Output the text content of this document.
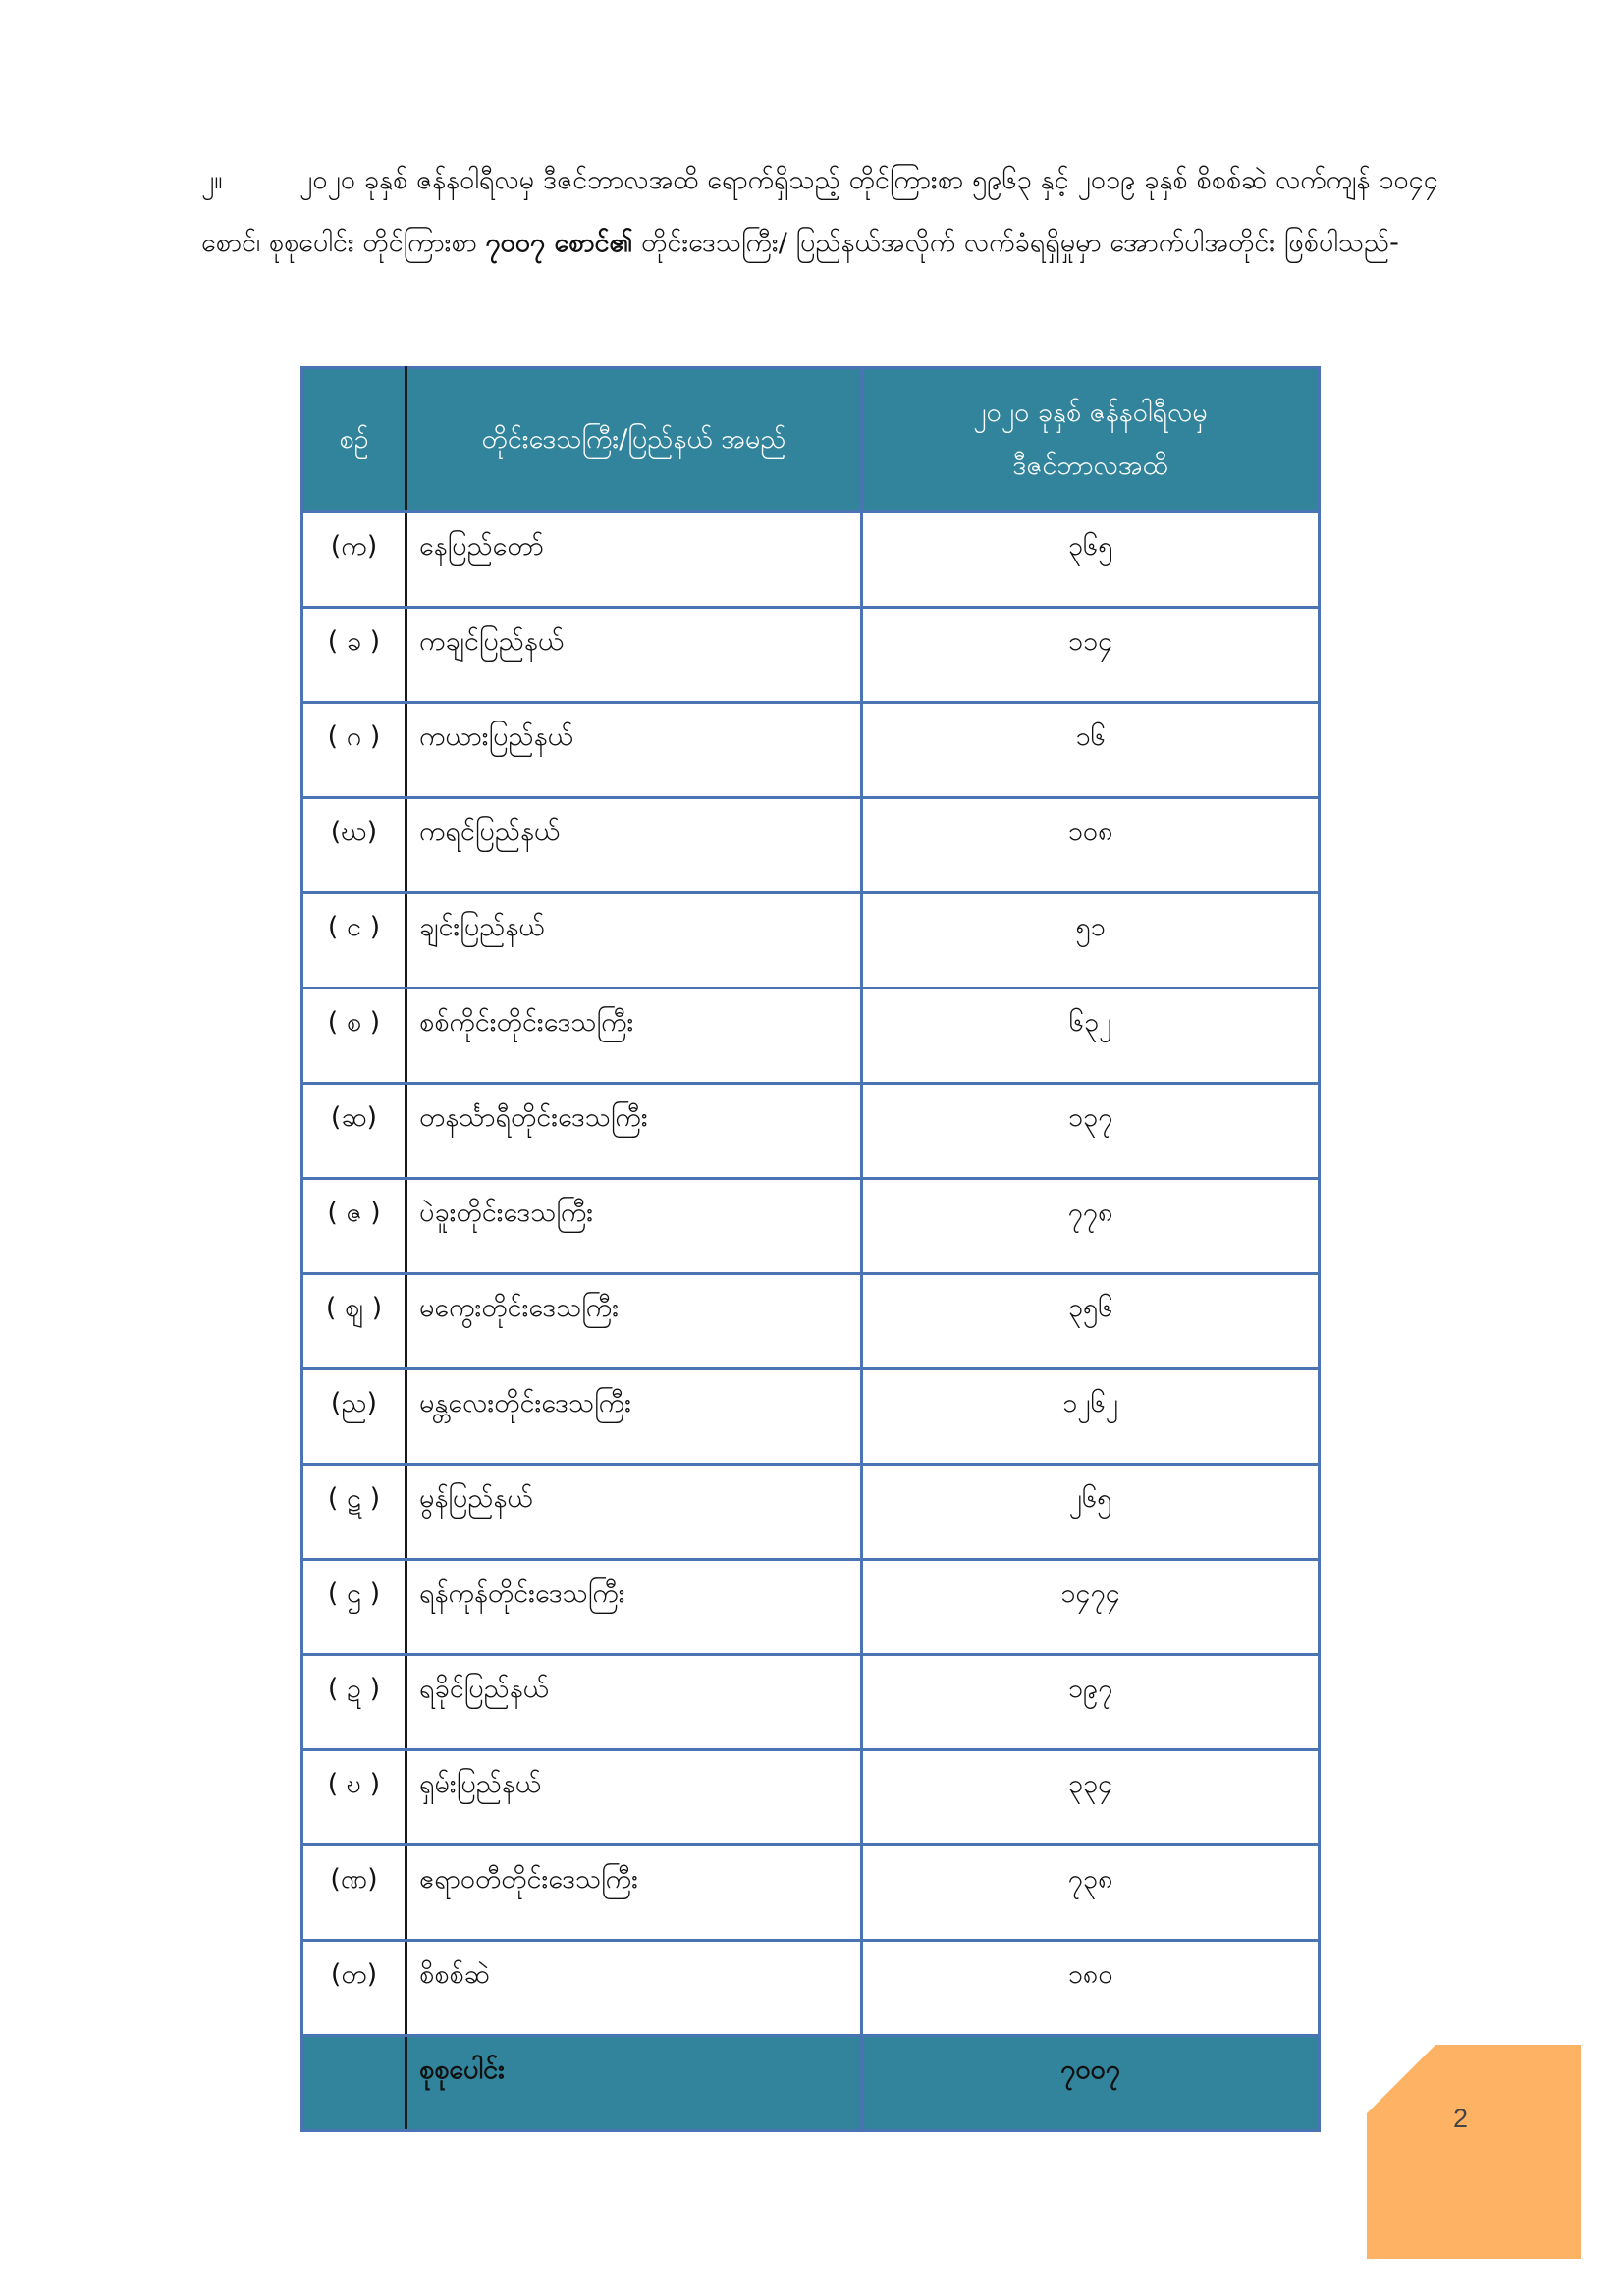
၂။	၂၀၂၀ ခုနှစ် ဇန်နဝါရီလမှ ဒီဇင်ဘာလအထိ ရောက်ရှိသည့် တိုင်ကြားစာ ၅၉၆၃ နှင့် ၂၀၁၉ ခုနှစ် စိစစ်ဆဲ လက်ကျန် ၁၀၄၄ စောင်၊ စုစုပေါင်း တိုင်ကြားစာ ၇၀၀၇ စောင်၏ တိုင်းဒေသကြီး/ ပြည်နယ်အလိုက် လက်ခံရရှိမှုမှာ အောက်ပါအတိုင်း ဖြစ်ပါသည်-
စဉ်	တိုင်းဒေသကြီး/ပြည်နယ် အမည်	၂၀၂၀ ခုနှစ် ဇန်နဝါရီလမှ ဒီဇင်ဘာလအထိ
(က)	နေပြည်တော်	၃၆၅
( ခ )	ကချင်ပြည်နယ်	၁၁၄
( ဂ )	ကယားပြည်နယ်	၁၆
(ဃ)	ကရင်ပြည်နယ်	၁၀၈
( င )	ချင်းပြည်နယ်	၅၁
( စ )	စစ်ကိုင်းတိုင်းဒေသကြီး	၆၃၂
(ဆ)	တနင်္သာရီတိုင်းဒေသကြီး	၁၃၇
( ဇ )	ပဲခူးတိုင်းဒေသကြီး	၇၇၈
( ဈ )	မကွေးတိုင်းဒေသကြီး	၃၅၆
(ည)	မန္တလေးတိုင်းဒေသကြီး	၁၂၆၂
( ဋ )	မွန်ပြည်နယ်	၂၆၅
( ဌ )	ရန်ကုန်တိုင်းဒေသကြီး	၁၄၇၄
( ဍ )	ရခိုင်ပြည်နယ်	၁၉၇
( ဎ )	ရှမ်းပြည်နယ်	၃၃၄
(ဏ)	ဧရာဝတီတိုင်းဒေသကြီး	၇၃၈
(တ)	စိစစ်ဆဲ	၁၈၀
	စုစုပေါင်း	၇၀၀၇
2
